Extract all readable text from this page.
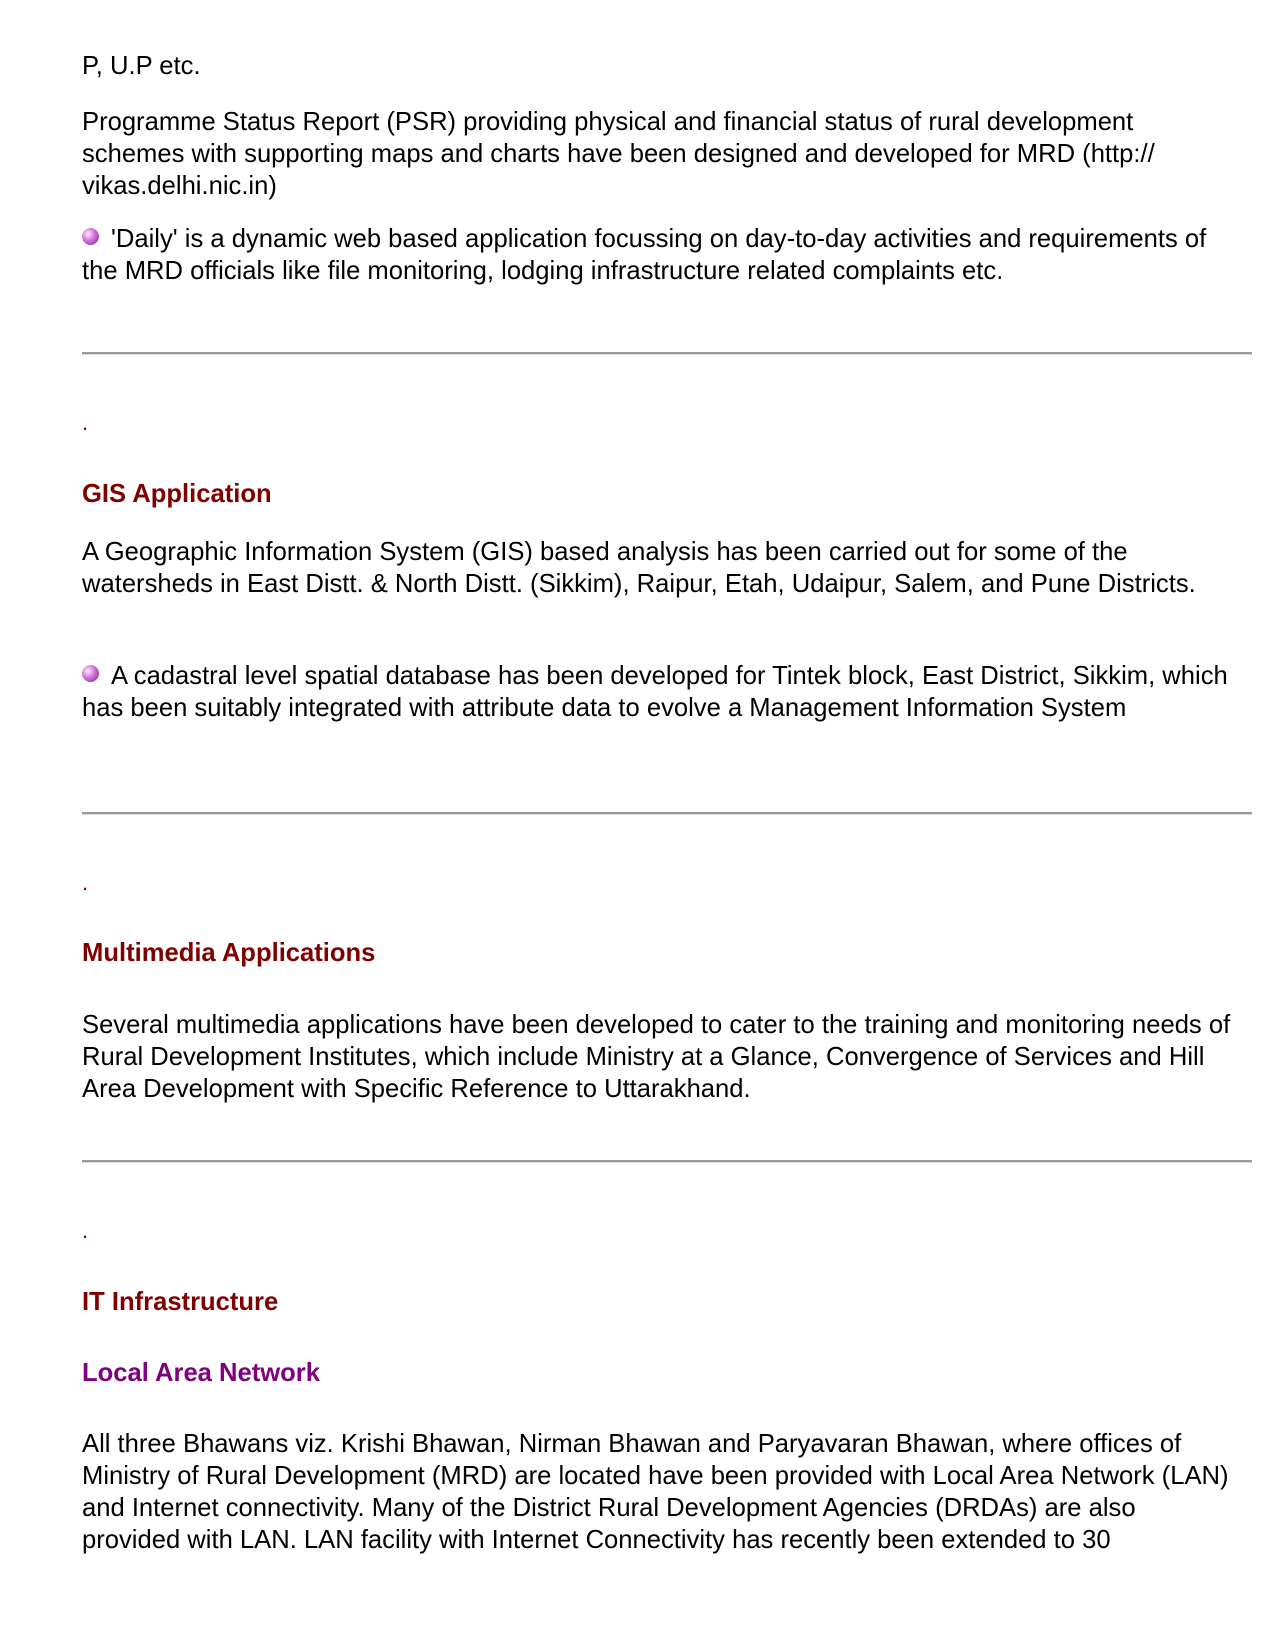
P, U.P etc.

Programme Status Report (PSR) providing physical and financial status of rural development schemes with supporting maps and charts have been designed and developed for MRD (http:// vikas.delhi.nic.in)

'Daily' is a dynamic web based application focussing on day-to-day activities and requirements of the MRD officials like file monitoring, lodging infrastructure related complaints etc.

.
GIS Application

A Geographic Information System (GIS) based analysis has been carried out for some of the watersheds in East Distt. & North Distt. (Sikkim), Raipur, Etah, Udaipur, Salem, and Pune Districts.

A cadastral level spatial database has been developed for Tintek block, East District, Sikkim, which has been suitably integrated with attribute data to evolve a Management Information System

.
Multimedia Applications

Several multimedia applications have been developed to cater to the training and monitoring needs of Rural Development Institutes, which include Ministry at a Glance, Convergence of Services and Hill Area Development with Specific Reference to Uttarakhand.

.
IT Infrastructure
Local Area Network

All three Bhawans viz. Krishi Bhawan, Nirman Bhawan and Paryavaran Bhawan, where offices of Ministry of Rural Development (MRD) are located have been provided with Local Area Network (LAN) and Internet connectivity. Many of the District Rural Development Agencies (DRDAs) are also provided with LAN. LAN facility with Internet Connectivity has recently been extended to 30
